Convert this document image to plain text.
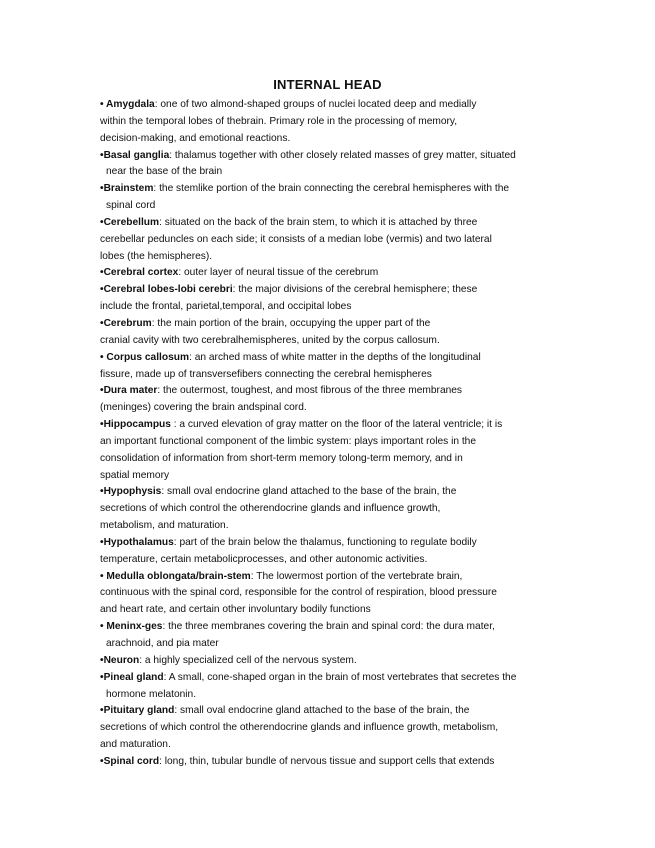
INTERNAL HEAD
• Amygdala: one of two almond-shaped groups of nuclei located deep and medially
within the temporal lobes of thebrain. Primary role in the processing of memory,
decision-making, and emotional reactions.
•Basal ganglia: thalamus together with other closely related masses of grey matter, situated
near the base of the brain
•Brainstem: the stemlike portion of the brain connecting the cerebral hemispheres with the
spinal cord
•Cerebellum: situated on the back of the brain stem, to which it is attached by three
cerebellar peduncles on each side; it consists of a median lobe (vermis) and two lateral
lobes (the hemispheres).
•Cerebral cortex: outer layer of neural tissue of the cerebrum
•Cerebral lobes-lobi cerebri: the major divisions of the cerebral hemisphere; these
include the frontal, parietal,temporal, and occipital lobes
•Cerebrum: the main portion of the brain, occupying the upper part of the
cranial cavity with two cerebralhemispheres, united by the corpus callosum.
• Corpus callosum: an arched mass of white matter in the depths of the longitudinal
fissure, made up of transversefibers connecting the cerebral hemispheres
•Dura mater: the outermost, toughest, and most fibrous of the three membranes
(meninges) covering the brain andspinal cord.
•Hippocampus : a curved elevation of gray matter on the floor of the lateral ventricle; it is
an important functional component of the limbic system: plays important roles in the
consolidation of information from short-term memory tolong-term memory, and in
spatial memory
•Hypophysis: small oval endocrine gland attached to the base of the brain, the
secretions of which control the otherendocrine glands and influence growth,
metabolism, and maturation.
•Hypothalamus: part of the brain below the thalamus, functioning to regulate bodily
temperature, certain metabolicprocesses, and other autonomic activities.
• Medulla oblongata/brain-stem: The lowermost portion of the vertebrate brain,
continuous with the spinal cord, responsible for the control of respiration, blood pressure
and heart rate, and certain other involuntary bodily functions
• Meninx-ges: the three membranes covering the brain and spinal cord: the dura mater,
arachnoid, and pia mater
•Neuron: a highly specialized cell of the nervous system.
•Pineal gland: A small, cone-shaped organ in the brain of most vertebrates that secretes the
hormone melatonin.
•Pituitary gland: small oval endocrine gland attached to the base of the brain, the
secretions of which control the otherendocrine glands and influence growth, metabolism,
and maturation.
•Spinal cord: long, thin, tubular bundle of nervous tissue and support cells that extends
